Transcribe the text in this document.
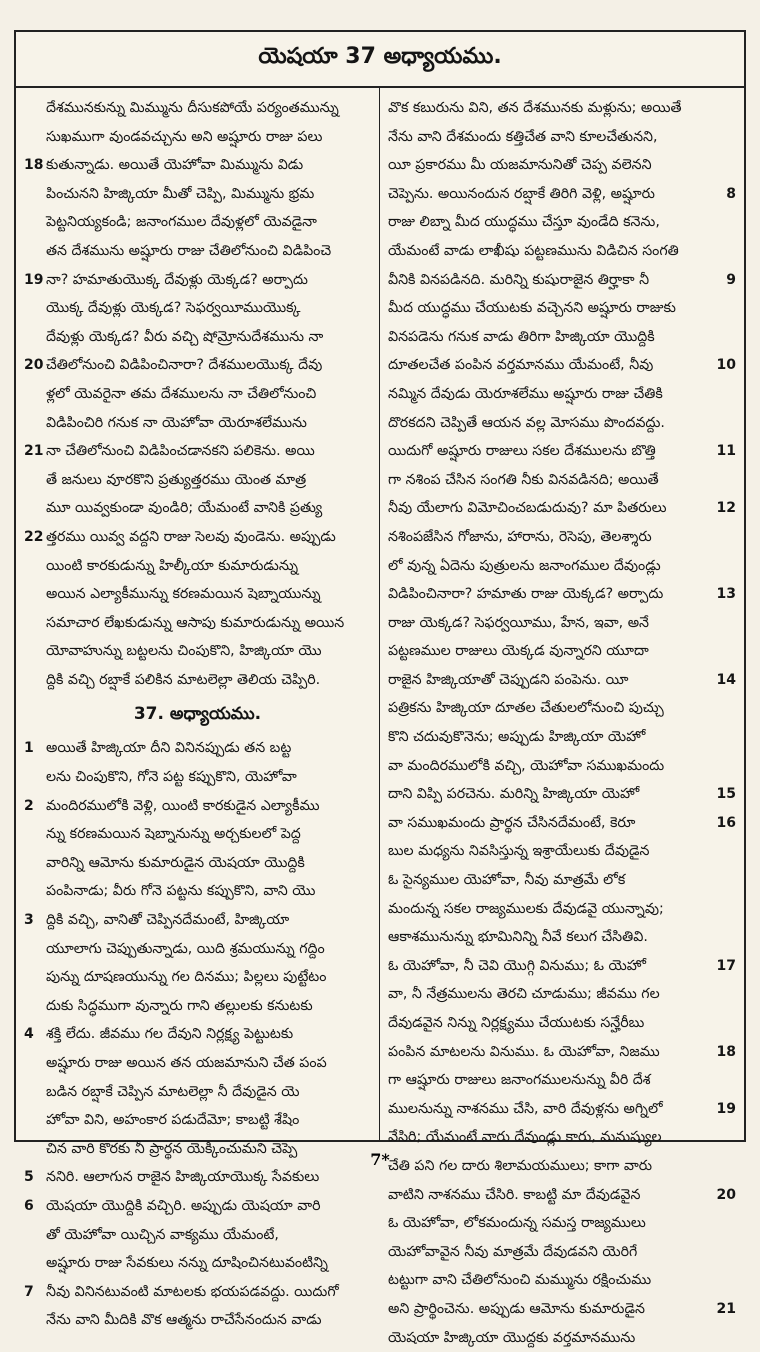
యెషయా 37 అధ్యాయము.
దేశమునకున్ను మిమ్మును దీసుకపోయే పర్యంతమున్ను
సుఖముగా వుండవచ్చును అని అష్షూరు రాజు పలు
18 కుతున్నాడు. అయితే యెహోవా మిమ్మును విడు
పించునని హిజ్కియా మీతో చెప్పి, మిమ్మును భ్రమ
పెట్టనియ్యకండి; జనాంగముల దేవుళ్లలో యెవడైనా
తన దేశమును అష్షూరు రాజు చేతిలోనుంచి విడిపించె
19 నా? హమాతుయొక్క దేవుళ్లు యెక్కడ? అర్పాదు
యొక్క దేవుళ్లు యెక్కడ? సెఫర్వయీముయొక్క
దేవుళ్లు యెక్కడ? వీరు వచ్చి షోమ్రోనుదేశమును నా
20 చేతిలోనుంచి విడిపించినారా? దేశములయొక్క దేవు
ళ్లలో యెవరైనా తమ దేశములను నా చేతిలోనుంచి
విడిపించిరి గనుక నా యెహోవా యెరూశలేమును
21 నా చేతిలోనుంచి విడిపించడానకని పలికెను. అయి
తే జనులు వూరకొని ప్రత్యుత్తరము యెంత మాత్ర
మూ యివ్వకుండా వుండిరి; యేమంటే వానికి ప్రత్యు
22 త్తరము యివ్వ వద్దని రాజు సెలవు వుండెను. అప్పుడు
యింటి కారకుడున్ను హిల్కీయా కుమారుడున్ను
అయిన ఎల్యాకీమున్ను కరణమయిన షెబ్నాయున్ను
సమాచార లేఖకుడున్ను ఆసాపు కుమారుడున్ను అయిన
యోవాహున్ను బట్టలను చింపుకొని, హిజ్కియా యొ
ద్దికి వచ్చి రబ్షాకే పలికిన మాటలెల్లా తెలియ చెప్పిరి.
37. అధ్యాయము.
1 అయితే హిజ్కియా దీని వినినప్పుడు తన బట్ట
లను చింపుకొని, గోనె పట్ట కప్పుకొని, యెహోవా
2 మందిరములోకి వెళ్లి, యింటి కారకుడైన ఎల్యాకీము
న్ను కరణమయిన షెబ్నానున్ను అర్చకులలో పెద్ద
వారిన్ని ఆమోను కుమారుడైన యెషయా యొద్దికి
పంపినాడు; వీరు గోనె పట్టను కప్పుకొని, వాని యొ
3 ద్దికి వచ్చి, వానితో చెప్పినదేమంటే, హిజ్కియా
యూలాగు చెప్పుతున్నాడు, యిది శ్రమయున్ను గద్దిం
పున్ను దూషణయున్ను గల దినము; పిల్లలు పుట్టేటం
దుకు సిద్ధముగా వున్నారు గాని తల్లులకు కనుటకు
4 శక్తి లేదు. జీవము గల దేవుని నిర్లక్ష్య పెట్టుటకు
అష్షూరు రాజు అయిన తన యజమానుని చేత పంప
బడిన రబ్షాకే చెప్పిన మాటలెల్లా నీ దేవుడైన యె
హోవా విని, అహంకార పడుదేమో; కాబట్టి శేషిం
చిన వారి కొరకు నీ ప్రార్థన యెక్కించుమని చెప్పె
5 ననిరి. ఆలాగున రాజైన హిజ్కియాయొక్క సేవకులు
6 యెషయా యొద్దికి వచ్చిరి. అప్పుడు యెషయా వారి
తో యెహోవా యిచ్చిన వాక్యము యేమంటే,
అష్షూరు రాజు సేవకులు నన్ను దూషించినటువంటిన్ని
7 నీవు వినినటువంటి మాటలకు భయపడవద్దు. యిదుగో
నేను వాని మీదికి వొక ఆత్మను రాచేసేనందున వాడు
వొక కబురును విని, తన దేశమునకు మళ్లును; అయితే
నేను వాని దేశమందు కత్తిచేత వాని కూలచేతునని,
యీ ప్రకారము మీ యజమానునితో చెప్ప వలెనని
చెప్పెను. అయినందున రబ్షాకే తిరిగి వెళ్లి, అష్షూరు	8
రాజు లిబ్నా మీద యుద్ధము చేస్తూ వుండేది కనెను,
యేమంటే వాడు లాఖీషు పట్టణమును విడిచిన సంగతి
వీనికి వినపడినది. మరిన్ని కుషురాజైన తిర్హాకా నీ	9
మీద యుద్ధము చేయుటకు వచ్చెనని అష్షూరు రాజుకు
వినపడెను గనుక వాడు తిరిగా హిజ్కియా యొద్దికి
దూతలచేత పంపిన వర్తమానము యేమంటే, నీవు	10
నమ్మిన దేవుడు యెరూశలేము అష్షూరు రాజు చేతికి
దొరకదని చెప్పితే ఆయన వల్ల మోసము పొందవద్దు.
యిదుగో అష్షూరు రాజులు సకల దేశములను బొత్తి	11
గా నశింప చేసిన సంగతి నీకు వినవడినది; అయితే
నీవు యేలాగు విమోచించబడుదువు? మా పితరులు	12
నశింపజేసిన గోజాను, హారాను, రెసెపు, తెలశ్శారు
లో వున్న ఏదెను పుత్రులను జనాంగముల దేవుండ్లు
విడిపించినారా? హమాతు రాజు యెక్కడ? అర్పాదు	13
రాజు యెక్కడ? సెఫర్వయీము, హేన, ఇవా, అనే
పట్టణముల రాజులు యెక్కడ వున్నారని యూదా
రాజైన హిజ్కియాతో చెప్పుడని పంపెను. యీ	14
పత్రికను హిజ్కియా దూతల చేతులలోనుంచి పుచ్చు
కొని చదువుకొనెను; అప్పుడు హిజ్కియా యెహో
వా మందిరములోకి వచ్చి, యెహోవా సముఖమందు
దాని విప్పి పరచెను. మరిన్ని హిజ్కియా యెహో	15
వా సముఖమందు ప్రార్థన చేసినదేమంటే, కెరూ	16
బుల మధ్యను నివసిస్తున్న ఇశ్రాయేలుకు దేవుడైన
ఓ సైన్యముల యెహోవా, నీవు మాత్రమే లోక
మందున్న సకల రాజ్యములకు దేవుడవై యున్నావు;
ఆకాశమునున్ను భూమినిన్ని నీవే కలుగ చేసితివి.
ఓ యెహోవా, నీ చెవి యొగ్గి వినుము; ఓ యెహో	17
వా, నీ నేత్రములను తెరచి చూడుము; జీవము గల
దేవుడవైన నిన్ను నిర్లక్ష్యము చేయుటకు సన్హేరీబు
పంపిన మాటలను వినుము. ఓ యెహోవా, నిజము	18
గా ఆష్షూరు రాజులు జనాంగములనున్ను వీరి దేశ
ములనున్ను నాశనము చేసి, వారి దేవుళ్లను అగ్నిలో	19
వేసిరి; యేమంటే వారు దేవుండ్లు కారు, మనుష్యుల
చేతి పని గల దారు శిలామయములు; కాగా వారు
వాటిని నాశనము చేసిరి. కాబట్టి మా దేవుడవైన	20
ఓ యెహోవా, లోకమందున్న సమస్త రాజ్యములు
యెహోవావైన నీవు మాత్రమే దేవుడవని యెరిగే
టట్టుగా వాని చేతిలోనుంచి మమ్మును రక్షించుము
అని ప్రార్థించెను. అప్పుడు ఆమోను కుమారుడైన	21
యెషయా హిజ్కియా యొద్దకు వర్తమానమును
7*
